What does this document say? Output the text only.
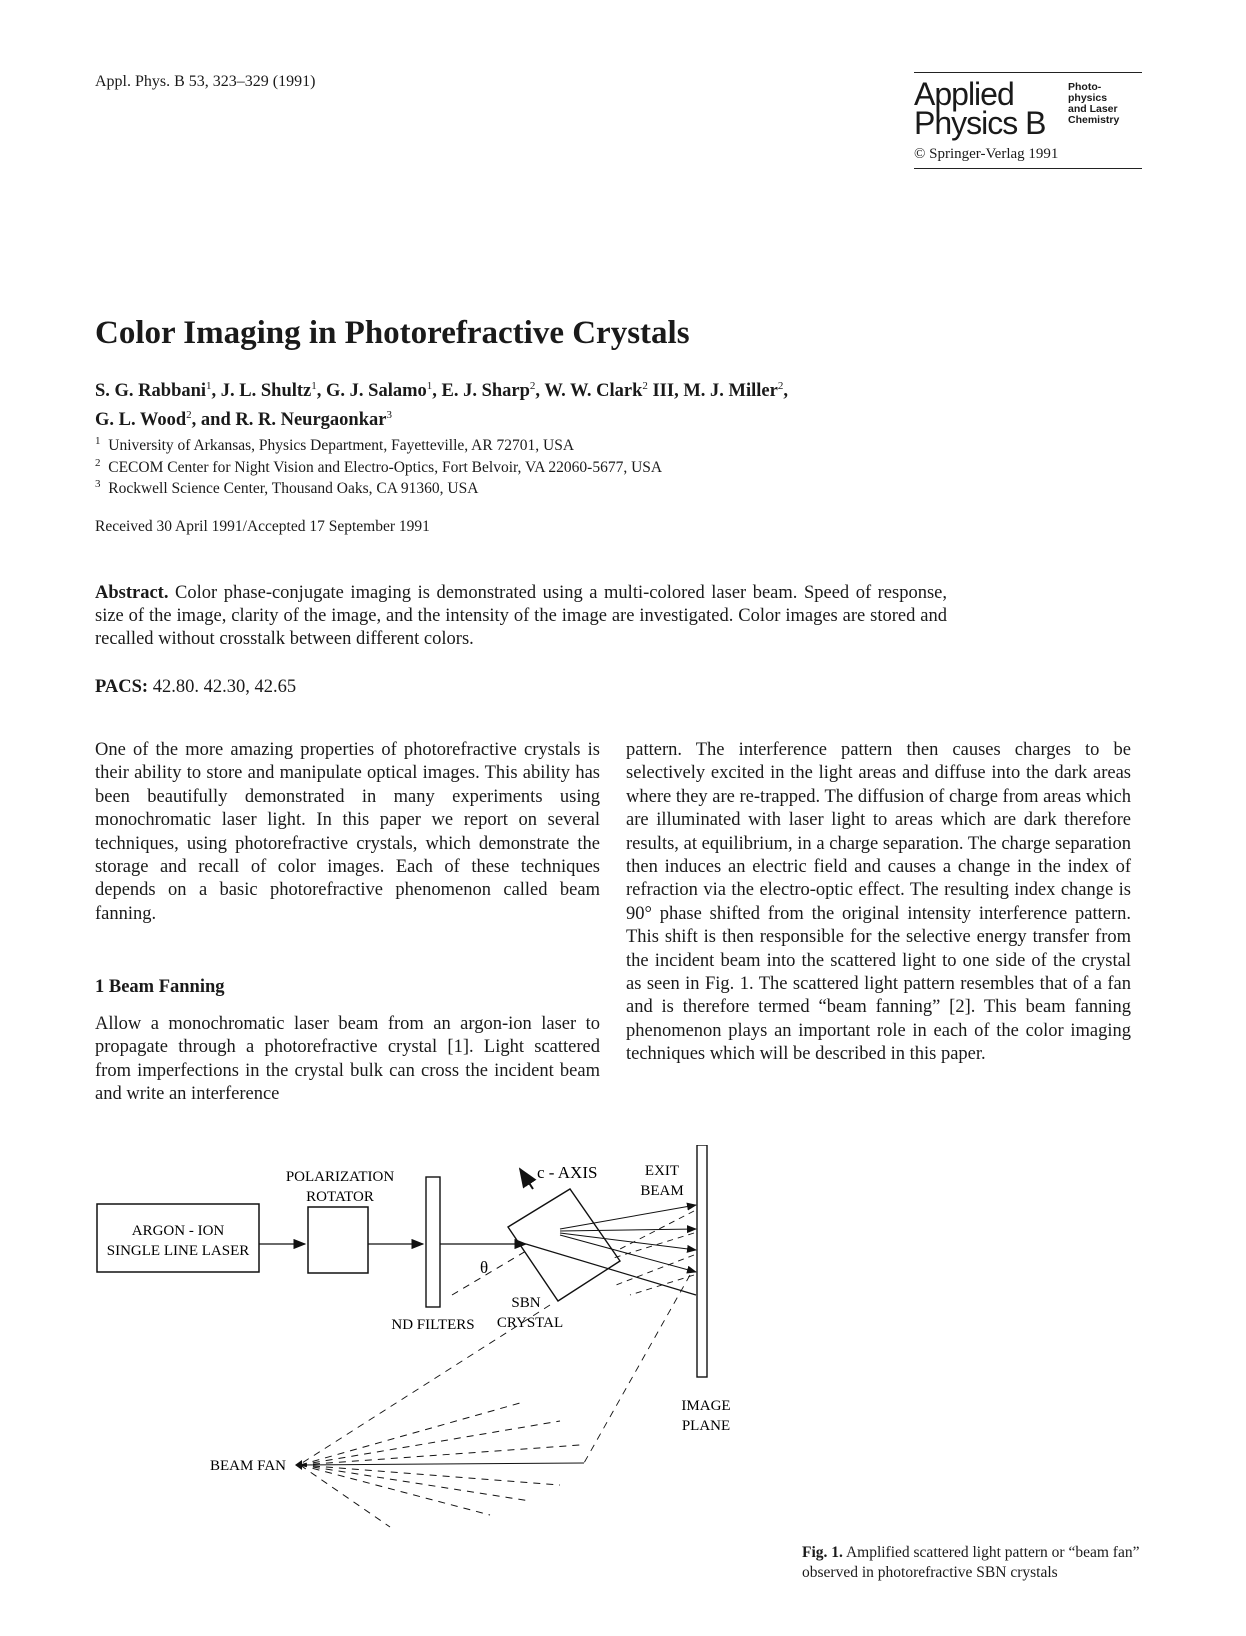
Appl. Phys. B 53, 323–329 (1991)	Applied
Physics B
Photo-
physics
and Laser
Chemistry
© Springer-Verlag 1991
Color Imaging in Photorefractive Crystals
S. G. Rabbani$^1$, J. L. Shultz$^1$, G. J. Salamo$^1$, E. J. Sharp$^2$, W. W. Clark$^2$ III, M. J. Miller$^2$,
G. L. Wood$^2$, and R. R. Neurgaonkar$^3$
$^1$ University of Arkansas, Physics Department, Fayetteville, AR 72701, USA
$^2$ CECOM Center for Night Vision and Electro-Optics, Fort Belvoir, VA 22060-5677, USA
$^3$ Rockwell Science Center, Thousand Oaks, CA 91360, USA
Received 30 April 1991/Accepted 17 September 1991
Abstract. Color phase-conjugate imaging is demonstrated using a multi-colored laser beam. Speed of response, size of the image, clarity of the image, and the intensity of the image are investigated. Color images are stored and recalled without crosstalk between different colors.
PACS: 42.80. 42.30, 42.65
One of the more amazing properties of photorefractive crystals is their ability to store and manipulate optical images. This ability has been beautifully demonstrated in many experiments using monochromatic laser light. In this paper we report on several techniques, using photorefractive crystals, which demonstrate the storage and recall of color images. Each of these techniques depends on a basic photorefractive phenomenon called beam fanning.
1 Beam Fanning
Allow a monochromatic laser beam from an argon-ion laser to propagate through a photorefractive crystal [1]. Light scattered from imperfections in the crystal bulk can cross the incident beam and write an interference
pattern. The interference pattern then causes charges to be selectively excited in the light areas and diffuse into the dark areas where they are re-trapped. The diffusion of charge from areas which are illuminated with laser light to areas which are dark therefore results, at equilibrium, in a charge separation. The charge separation then induces an electric field and causes a change in the index of refraction via the electro-optic effect. The resulting index change is 90° phase shifted from the original intensity interference pattern. This shift is then responsible for the selective energy transfer from the incident beam into the scattered light to one side of the crystal as seen in Fig. 1. The scattered light pattern resembles that of a fan and is therefore termed “beam fanning” [2]. This beam fanning phenomenon plays an important role in each of the color imaging techniques which will be described in this paper.
ARGON - ION
SINGLE LINE LASER
POLARIZATION
ROTATOR
ND FILTERS
SBN
CRYSTAL
c - AXIS
θ
EXIT
BEAM
IMAGE
PLANE
BEAM FAN
Fig. 1. Amplified scattered light pattern or “beam fan” observed in photorefractive SBN crystals
